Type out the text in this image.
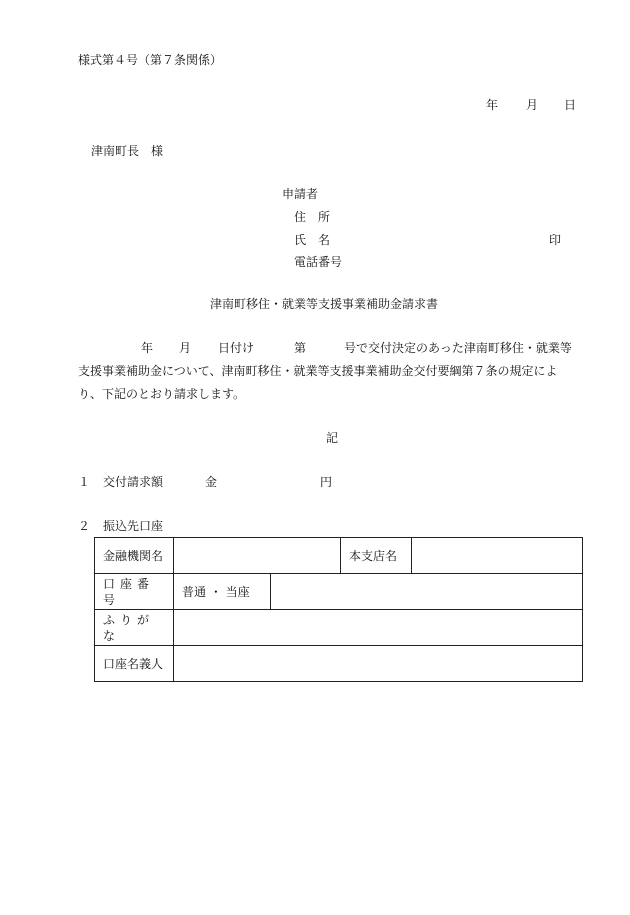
様式第４号（第７条関係）
年 月 日
津南町長　様
申請者
住　所
氏　名	印
電話番号
津南町移住・就業等支援事業補助金請求書
年 月 日付け	第	号で交付決定のあった津南町移住・就業等
支援事業補助金について、津南町移住・就業等支援事業補助金交付要綱第７条の規定によ
り、下記のとおり請求します。
記
１ 交付請求額	金	円
２ 振込先口座
金融機関名			本支店名	
口座番号	普通 ・ 当座			
ふりがな				
口座名義人				
